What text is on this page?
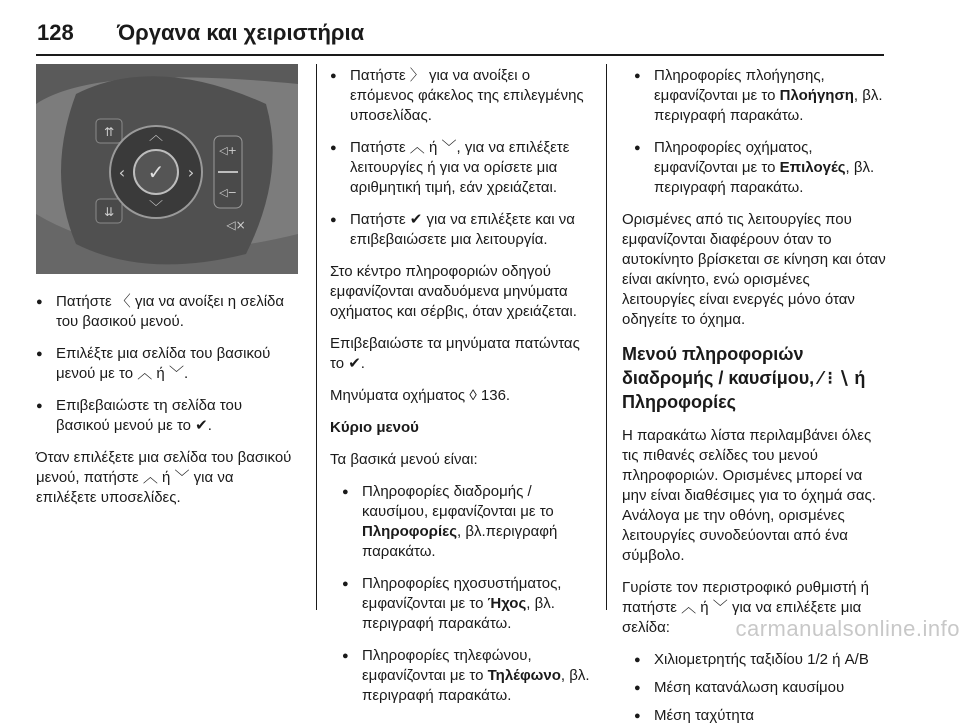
128 Όργανα και χειριστήρια
⇈
⇊
✓
︿
﹀
‹	›
◁+
◁−
◁×
● Πατήστε 〈 για να ανοίξει η σελίδα του βασικού μενού.
● Επιλέξτε μια σελίδα του βασικού μενού με το ︿ ή ﹀.
● Επιβεβαιώστε τη σελίδα του βασικού μενού με το ✔.

Όταν επιλέξετε μια σελίδα του βασικού μενού, πατήστε ︿ ή ﹀ για να επιλέξετε υποσελίδες.

● Πατήστε 〉 για να ανοίξει ο επόμενος φάκελος της επιλεγμένης υποσελίδας.
● Πατήστε ︿ ή ﹀, για να επιλέξετε λειτουργίες ή για να ορίσετε μια αριθμητική τιμή, εάν χρειάζεται.
● Πατήστε ✔ για να επιλέξετε και να επιβεβαιώσετε μια λειτουργία.

Στο κέντρο πληροφοριών οδηγού εμφανίζονται αναδυόμενα μηνύματα οχήματος και σέρβις, όταν χρειάζεται.

Επιβεβαιώστε τα μηνύματα πατώντας το ✔.

Μηνύματα οχήματος ◊ 136.

Κύριο μενού

Τα βασικά μενού είναι:

● Πληροφορίες διαδρομής / καυσίμου, εμφανίζονται με το Πληροφορίες, βλ.περιγραφή παρακάτω.
● Πληροφορίες ηχοσυστήματος, εμφανίζονται με το Ήχος, βλ. περιγραφή παρακάτω.
● Πληροφορίες τηλεφώνου, εμφανίζονται με το Τηλέφωνο, βλ. περιγραφή παρακάτω.
● Πληροφορίες πλοήγησης, εμφανίζονται με το Πλοήγηση, βλ. περιγραφή παρακάτω.
● Πληροφορίες οχήματος, εμφανίζονται με το Επιλογές, βλ. περιγραφή παρακάτω.

Ορισμένες από τις λειτουργίες που εμφανίζονται διαφέρουν όταν το αυτοκίνητο βρίσκεται σε κίνηση και όταν είναι ακίνητο, ενώ ορισμένες λειτουργίες είναι ενεργές μόνο όταν οδηγείτε το όχημα.

Μενού πληροφοριών διαδρομής / καυσίμου, ⁄ ⁝ ∖ ή Πληροφορίες

Η παρακάτω λίστα περιλαμβάνει όλες τις πιθανές σελίδες του μενού πληροφοριών. Ορισμένες μπορεί να μην είναι διαθέσιμες για το όχημά σας. Ανάλογα με την οθόνη, ορισμένες λειτουργίες συνοδεύονται από ένα σύμβολο.

Γυρίστε τον περιστροφικό ρυθμιστή ή πατήστε ︿ ή ﹀ για να επιλέξετε μια σελίδα:

● Χιλιομετρητής ταξιδίου 1/2 ή A/B
● Μέση κατανάλωση καυσίμου
● Μέση ταχύτητα
carmanualsonline.info
